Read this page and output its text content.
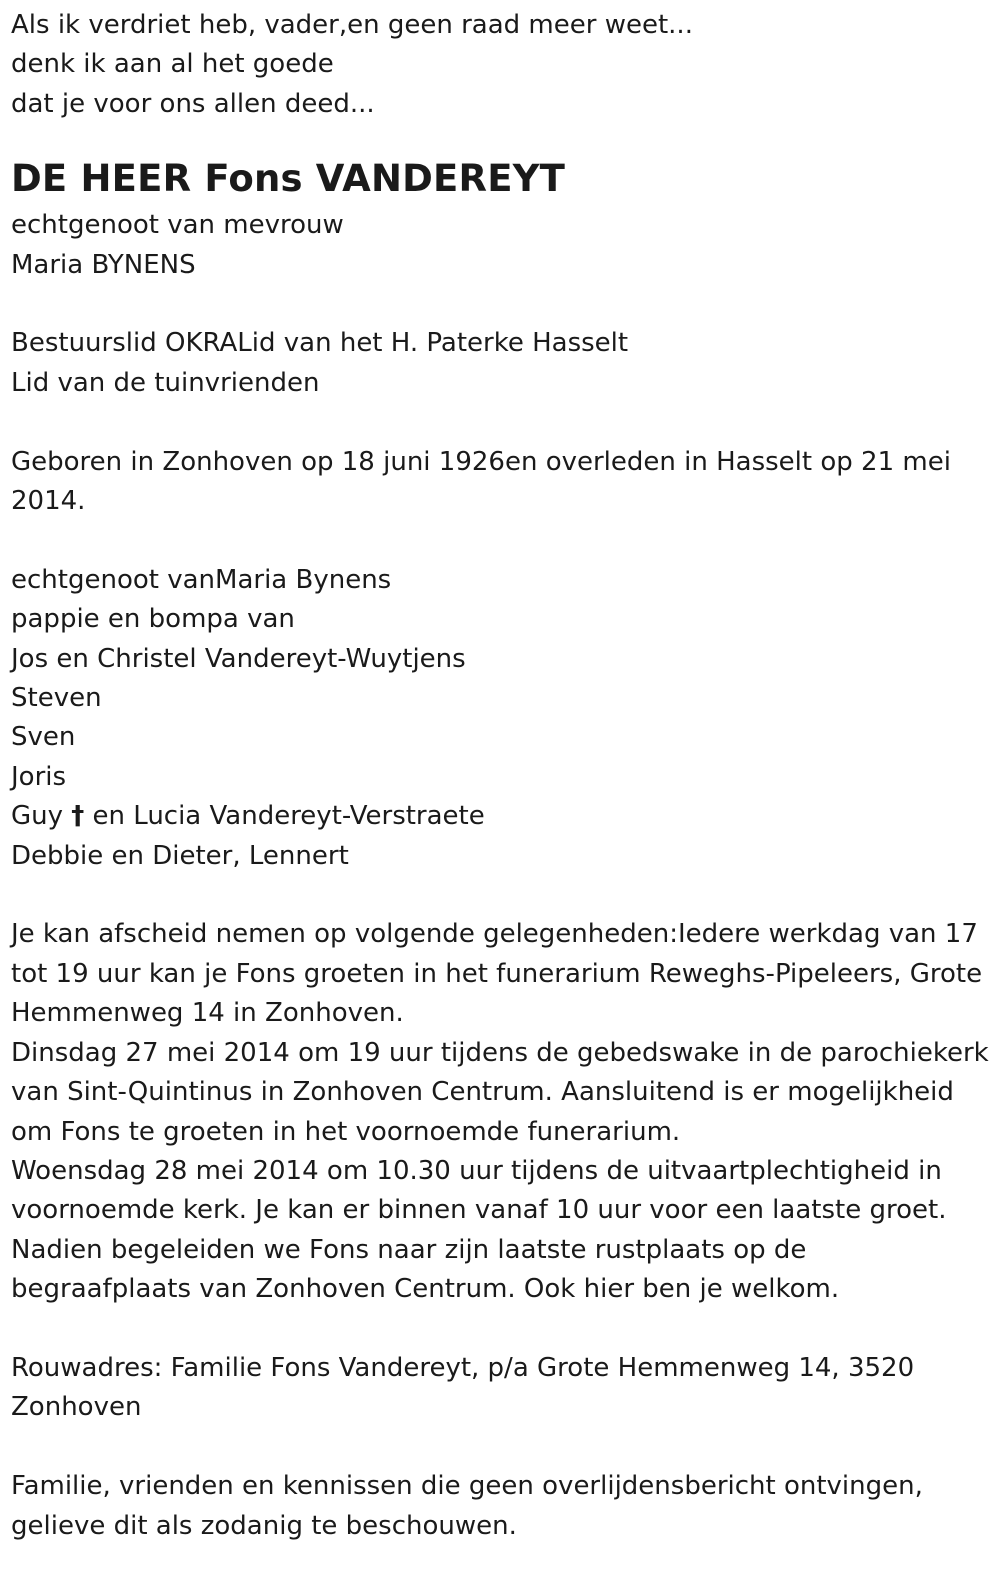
Als ik verdriet heb, vader,en geen raad meer weet...

denk ik aan al het goede

dat je voor ons allen deed...

DE HEER Fons VANDEREYT

echtgenoot van mevrouw

Maria BYNENS

Bestuurslid OKRALid van het H. Paterke Hasselt

Lid van de tuinvrienden

Geboren in Zonhoven op 18 juni 1926en overleden in Hasselt op 21 mei 2014.

echtgenoot vanMaria Bynens

pappie en bompa van

Jos en Christel Vandereyt-Wuytjens

Steven

Sven

Joris

Guy † en Lucia Vandereyt-Verstraete

Debbie en Dieter, Lennert

Je kan afscheid nemen op volgende gelegenheden:Iedere werkdag van 17 tot 19 uur kan je Fons groeten in het funerarium Reweghs-Pipeleers, Grote Hemmenweg 14 in Zonhoven.

Dinsdag 27 mei 2014 om 19 uur tijdens de gebedswake in de parochiekerk van Sint-Quintinus in Zonhoven Centrum. Aansluitend is er mogelijkheid om Fons te groeten in het voornoemde funerarium.

Woensdag 28 mei 2014 om 10.30 uur tijdens de uitvaartplechtigheid in voornoemde kerk. Je kan er binnen vanaf 10 uur voor een laatste groet. Nadien begeleiden we Fons naar zijn laatste rustplaats op de begraafplaats van Zonhoven Centrum. Ook hier ben je welkom.

Rouwadres: Familie Fons Vandereyt, p/a Grote Hemmenweg 14, 3520 Zonhoven

Familie, vrienden en kennissen die geen overlijdensbericht ontvingen, gelieve dit als zodanig te beschouwen.
